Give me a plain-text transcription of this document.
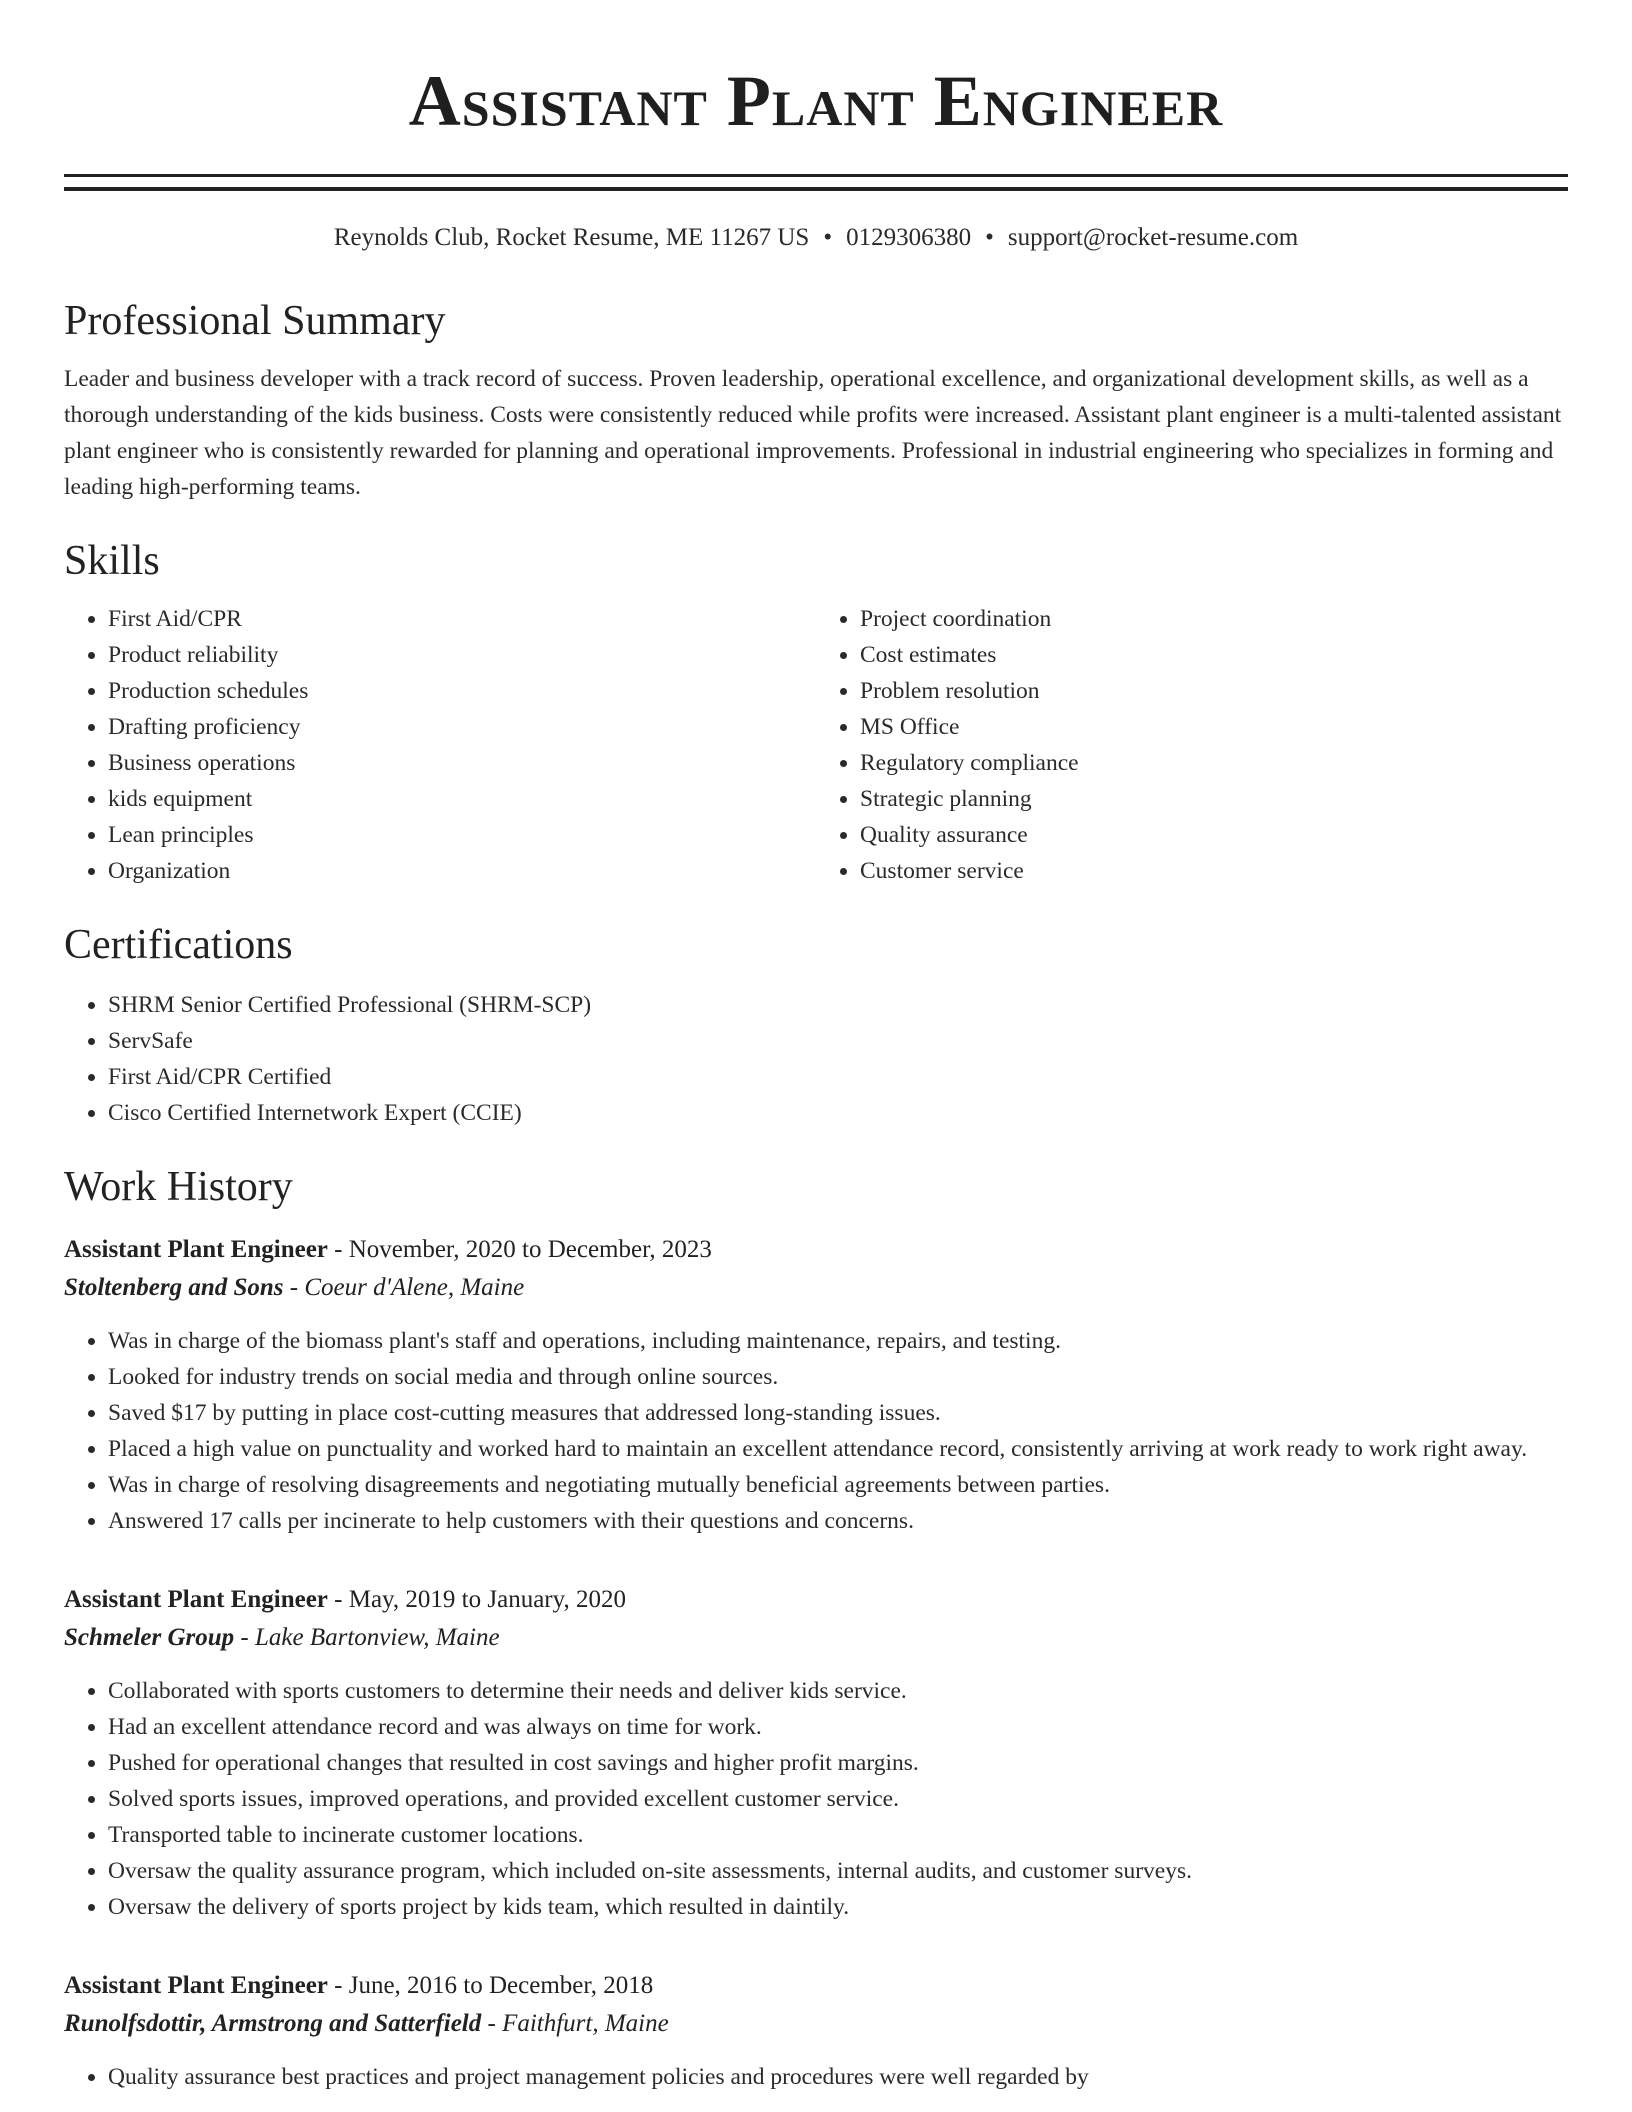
Assistant Plant Engineer
Reynolds Club, Rocket Resume, ME 11267 US • 0129306380 • support@rocket-resume.com
Professional Summary

Leader and business developer with a track record of success. Proven leadership, operational excellence, and organizational development skills, as well as a thorough understanding of the kids business. Costs were consistently reduced while profits were increased. Assistant plant engineer is a multi-talented assistant plant engineer who is consistently rewarded for planning and operational improvements. Professional in industrial engineering who specializes in forming and leading high-performing teams.

Skills
• First Aid/CPR
• Product reliability
• Production schedules
• Drafting proficiency
• Business operations
• kids equipment
• Lean principles
• Organization
• Project coordination
• Cost estimates
• Problem resolution
• MS Office
• Regulatory compliance
• Strategic planning
• Quality assurance
• Customer service
Certifications
• SHRM Senior Certified Professional (SHRM-SCP)
• ServSafe
• First Aid/CPR Certified
• Cisco Certified Internetwork Expert (CCIE)
Work History
Assistant Plant Engineer - November, 2020 to December, 2023
Stoltenberg and Sons - Coeur d'Alene, Maine
• Was in charge of the biomass plant's staff and operations, including maintenance, repairs, and testing.
• Looked for industry trends on social media and through online sources.
• Saved $17 by putting in place cost-cutting measures that addressed long-standing issues.
• Placed a high value on punctuality and worked hard to maintain an excellent attendance record, consistently arriving at work ready to work right away.
• Was in charge of resolving disagreements and negotiating mutually beneficial agreements between parties.
• Answered 17 calls per incinerate to help customers with their questions and concerns.
Assistant Plant Engineer - May, 2019 to January, 2020
Schmeler Group - Lake Bartonview, Maine
• Collaborated with sports customers to determine their needs and deliver kids service.
• Had an excellent attendance record and was always on time for work.
• Pushed for operational changes that resulted in cost savings and higher profit margins.
• Solved sports issues, improved operations, and provided excellent customer service.
• Transported table to incinerate customer locations.
• Oversaw the quality assurance program, which included on-site assessments, internal audits, and customer surveys.
• Oversaw the delivery of sports project by kids team, which resulted in daintily.
Assistant Plant Engineer - June, 2016 to December, 2018
Runolfsdottir, Armstrong and Satterfield - Faithfurt, Maine
• Quality assurance best practices and project management policies and procedures were well regarded by
